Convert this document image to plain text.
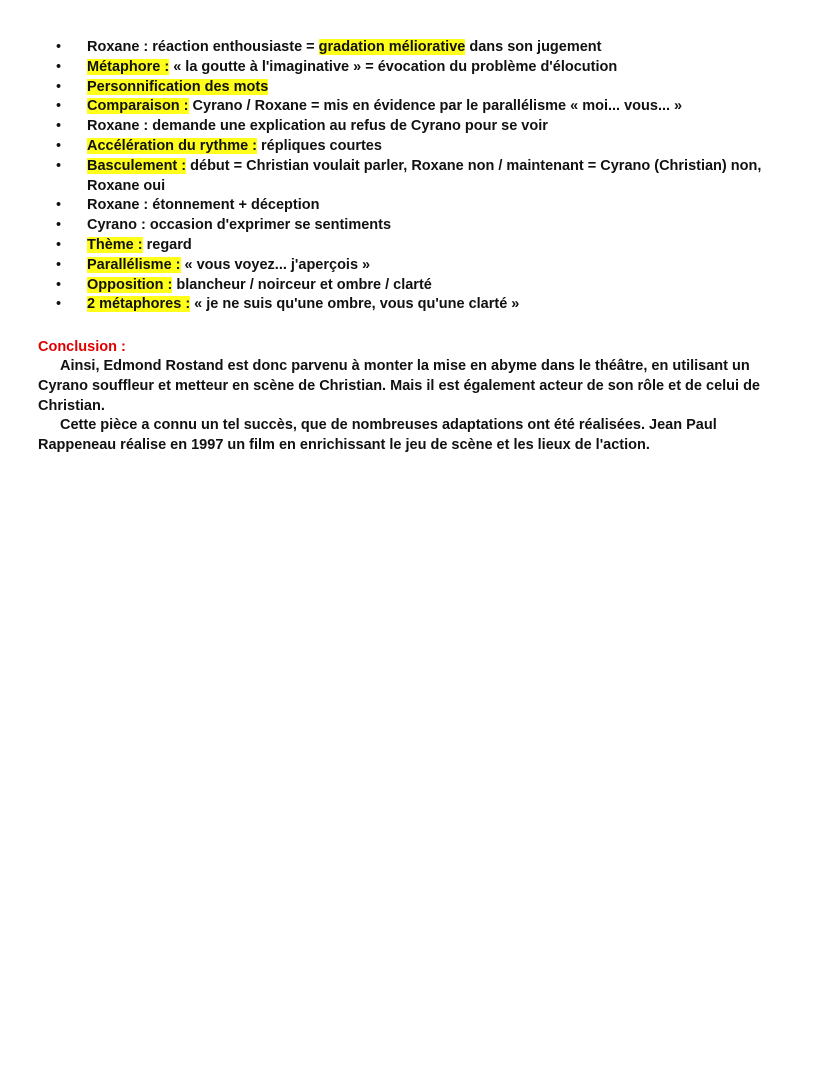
• Roxane : réaction enthousiaste = gradation méliorative dans son jugement
• Métaphore : « la goutte à l'imaginative » = évocation du problème d'élocution
• Personnification des mots
• Comparaison : Cyrano / Roxane = mis en évidence par le parallélisme « moi... vous... »
• Roxane : demande une explication au refus de Cyrano pour se voir
• Accélération du rythme : répliques courtes
• Basculement : début = Christian voulait parler, Roxane non / maintenant = Cyrano (Christian) non, Roxane oui
• Roxane : étonnement + déception
• Cyrano : occasion d'exprimer se sentiments
• Thème : regard
• Parallélisme : « vous voyez... j'aperçois »
• Opposition : blancheur / noirceur et ombre / clarté
• 2 métaphores : « je ne suis qu'une ombre, vous qu'une clarté »
Conclusion :

Ainsi, Edmond Rostand est donc parvenu à monter la mise en abyme dans le théâtre, en utilisant un Cyrano souffleur et metteur en scène de Christian. Mais il est également acteur de son rôle et de celui de Christian.

Cette pièce a connu un tel succès, que de nombreuses adaptations ont été réalisées. Jean Paul Rappeneau réalise en 1997 un film en enrichissant le jeu de scène et les lieux de l'action.
